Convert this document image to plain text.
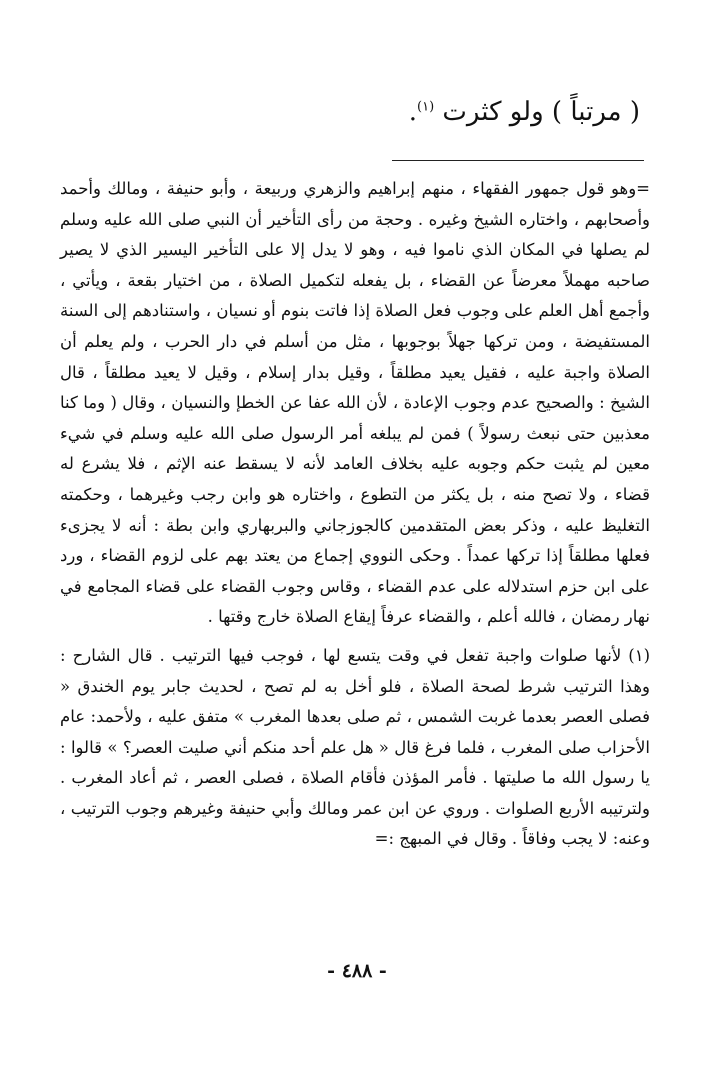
( مرتباً ) ولو كثرت $^{(١)}$.

=وهو قول جمهور الفقهاء ، منهم إبراهيم والزهري وربيعة ، وأبو حنيفة ، ومالك وأحمد وأصحابهم ، واختاره الشيخ وغيره . وحجة من رأى التأخير أن النبي صلى الله عليه وسلم لم يصلها في المكان الذي ناموا فيه ، وهو لا يدل إلا على التأخير اليسير الذي لا يصير صاحبه مهملاً معرضاً عن القضاء ، بل يفعله لتكميل الصلاة ، من اختيار بقعة ، ويأتي ، وأجمع أهل العلم على وجوب فعل الصلاة إذا فاتت بنوم أو نسيان ، واستنادهم إلى السنة المستفيضة ، ومن تركها جهلاً بوجوبها ، مثل من أسلم في دار الحرب ، ولم يعلم أن الصلاة واجبة عليه ، فقيل يعيد مطلقاً ، وقيل بدار إسلام ، وقيل لا يعيد مطلقاً ، قال الشيخ : والصحيح عدم وجوب الإعادة ، لأن الله عفا عن الخطإ والنسيان ، وقال ( وما كنا معذبين حتى نبعث رسولاً ) فمن لم يبلغه أمر الرسول صلى الله عليه وسلم في شيء معين لم يثبت حكم وجوبه عليه بخلاف العامد لأنه لا يسقط عنه الإثم ، فلا يشرع له قضاء ، ولا تصح منه ، بل يكثر من التطوع ، واختاره هو وابن رجب وغيرهما ، وحكمته التغليظ عليه ، وذكر بعض المتقدمين كالجوزجاني والبربهاري وابن بطة : أنه لا يجزىء فعلها مطلقاً إذا تركها عمداً . وحكى النووي إجماع من يعتد بهم على لزوم القضاء ، ورد على ابن حزم استدلاله على عدم القضاء ، وقاس وجوب القضاء على قضاء المجامع في نهار رمضان ، فالله أعلم ، والقضاء عرفاً إيقاع الصلاة خارج وقتها .

(١) لأنها صلوات واجبة تفعل في وقت يتسع لها ، فوجب فيها الترتيب . قال الشارح : وهذا الترتيب شرط لصحة الصلاة ، فلو أخل به لم تصح ، لحديث جابر يوم الخندق « فصلى العصر بعدما غربت الشمس ، ثم صلى بعدها المغرب » متفق عليه ، ولأحمد: عام الأحزاب صلى المغرب ، فلما فرغ قال « هل علم أحد منكم أني صليت العصر؟ » قالوا : يا رسول الله ما صليتها . فأمر المؤذن فأقام الصلاة ، فصلى العصر ، ثم أعاد المغرب . ولترتيبه الأربع الصلوات . وروي عن ابن عمر ومالك وأبي حنيفة وغيرهم وجوب الترتيب ، وعنه: لا يجب وفاقاً . وقال في المبهج :=

- ٤٨٨ -
